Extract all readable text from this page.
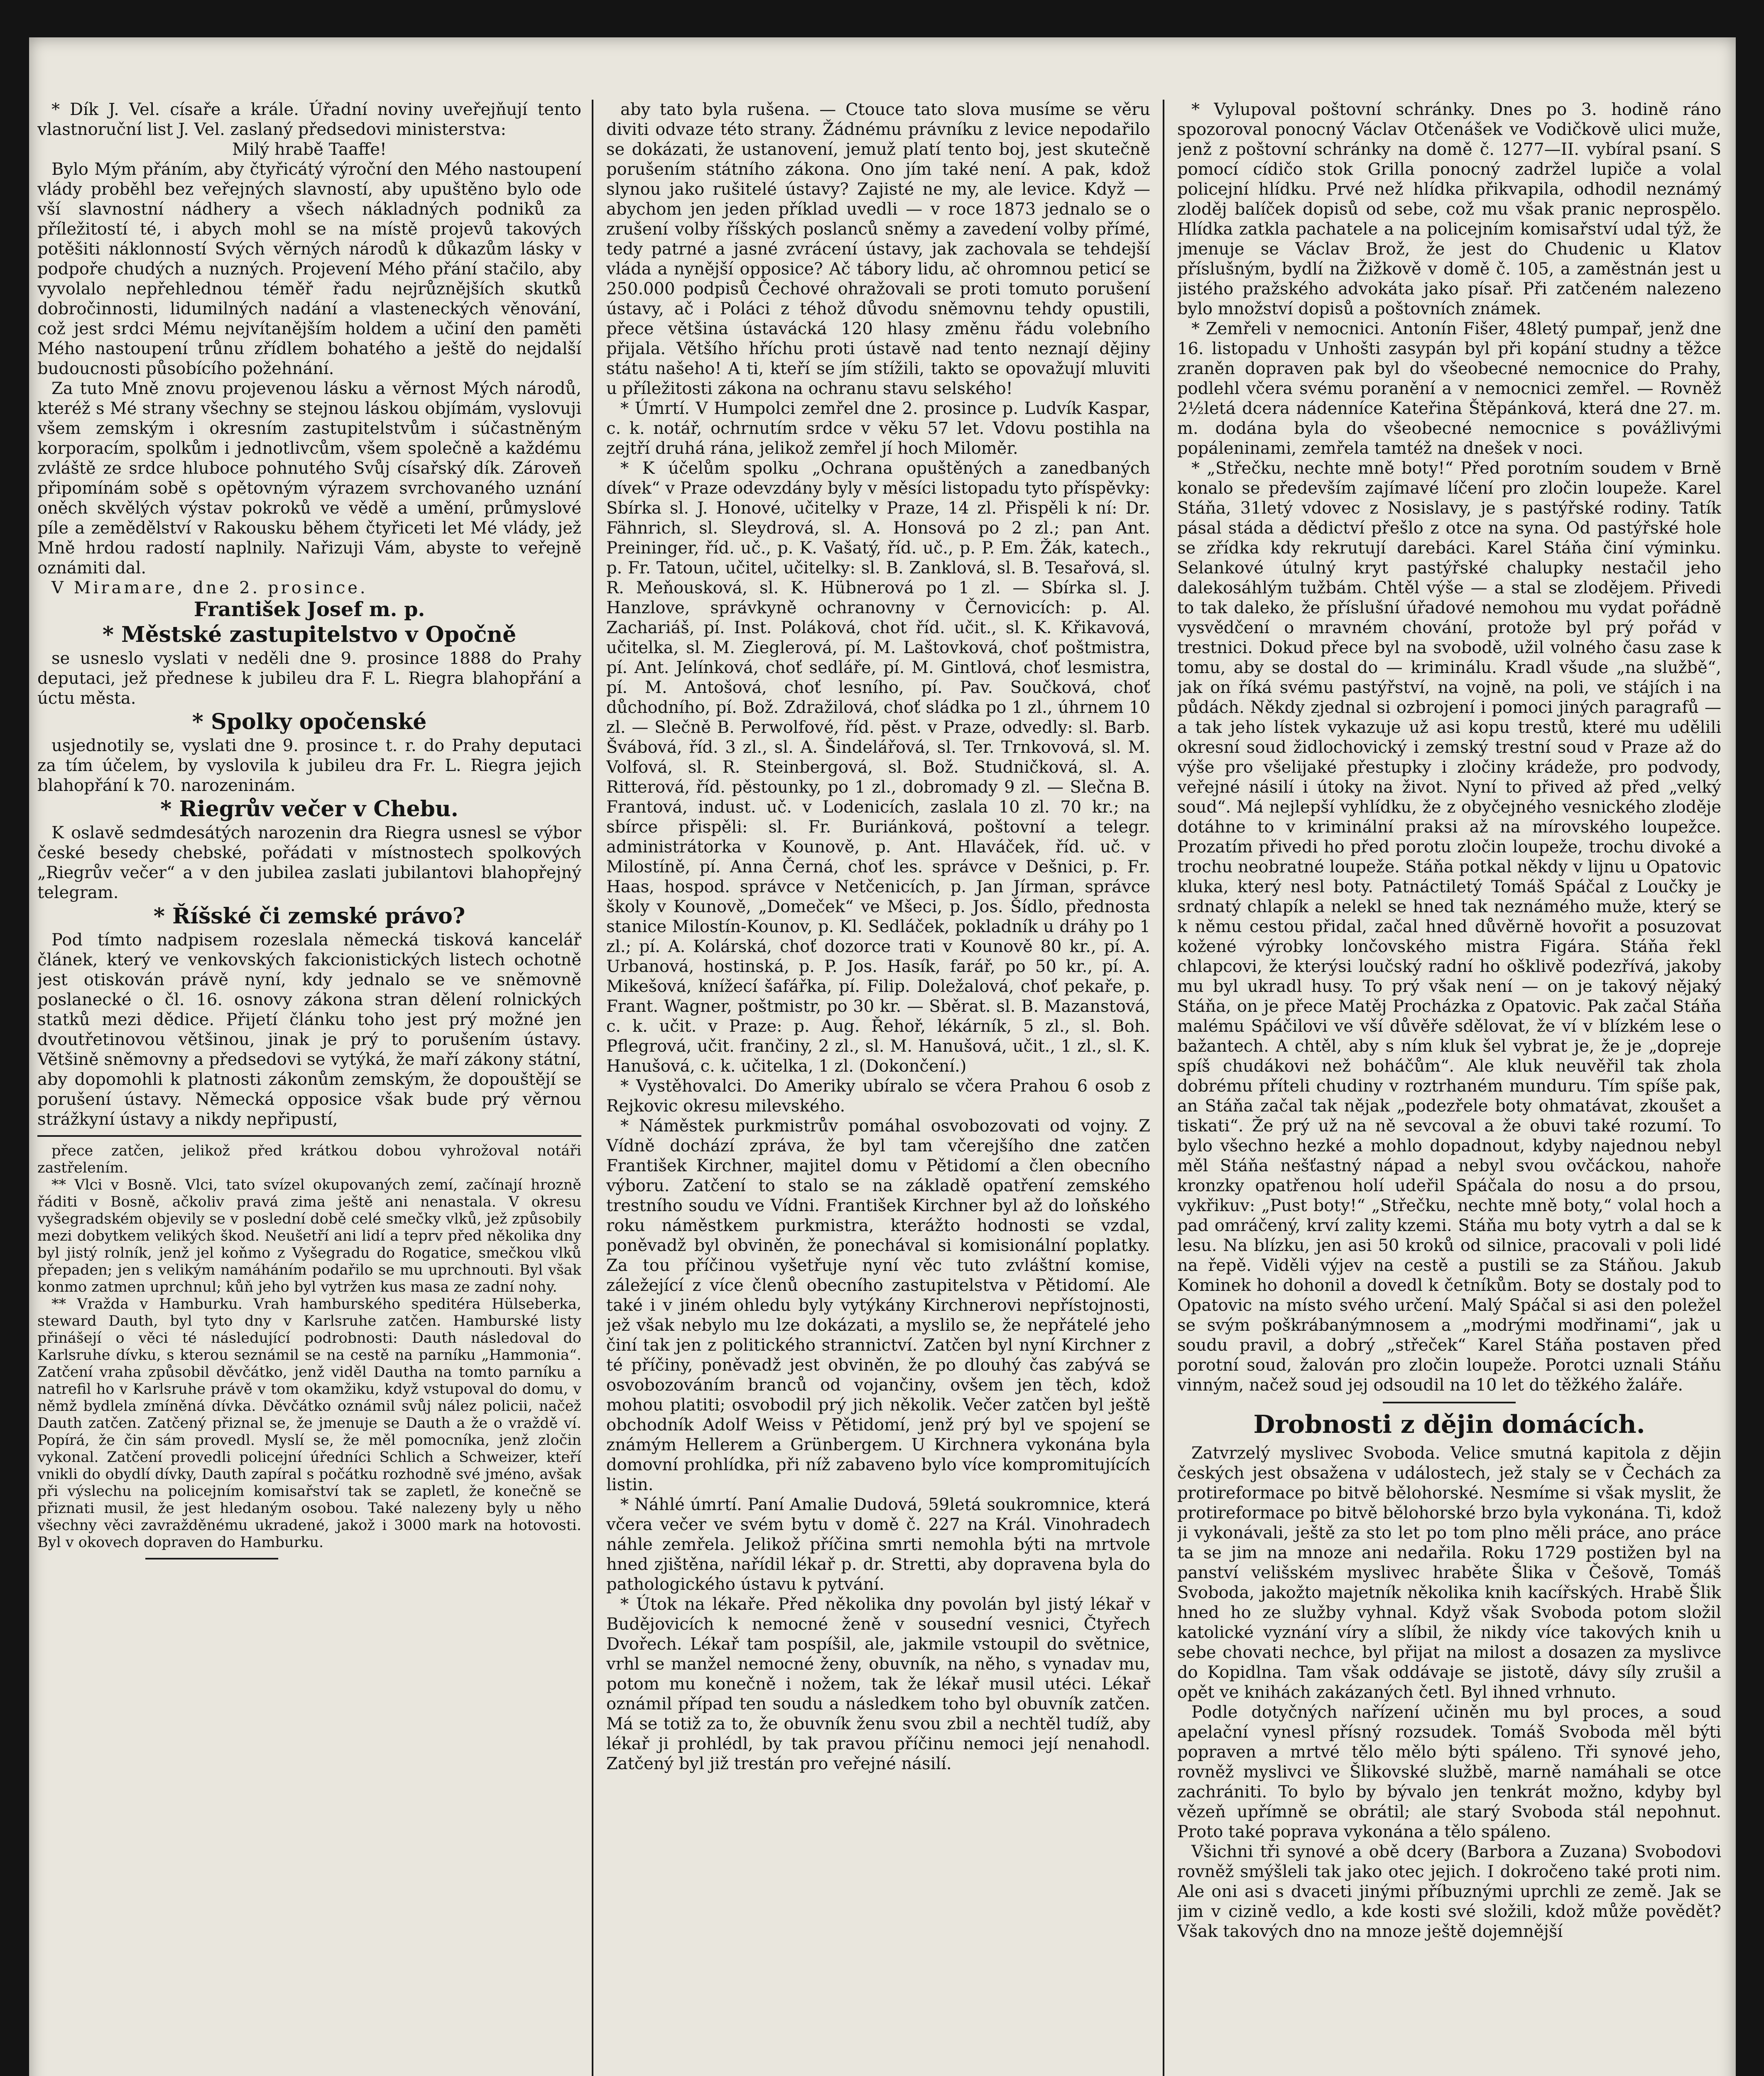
* Dík J. Vel. císaře a krále. Úřadní noviny uveřejňují tento vlastnoruční list J. Vel. zaslaný předsedovi ministerstva:

Milý hrabě Taaffe!

Bylo Mým přáním, aby čtyřicátý výroční den Mého nastoupení vlády proběhl bez veřejných slavností, aby upuštěno bylo ode vší slavnostní nádhery a všech nákladných podniků za příležitostí té, i abych mohl se na místě projevů takových potěšiti náklonností Svých věrných národů k důkazům lásky v podpoře chudých a nuzných. Projevení Mého přání stačilo, aby vyvolalo nepřehlednou téměř řadu nejrůznějších skutků dobročinnosti, lidumilných nadání a vlasteneckých věnování, což jest srdci Mému nejvítanějším holdem a učiní den paměti Mého nastoupení trůnu zřídlem bohatého a ještě do nejdalší budoucnosti působícího požehnání.

Za tuto Mně znovu projevenou lásku a věrnost Mých národů, kteréž s Mé strany všechny se stejnou láskou objímám, vyslovuji všem zemským i okresním zastupitelstvům i súčastněným korporacím, spolkům i jednotlivcům, všem společně a každému zvláště ze srdce hluboce pohnutého Svůj císařský dík. Zároveň připomínám sobě s opětovným výrazem svrchovaného uznání oněch skvělých výstav pokroků ve vědě a umění, průmyslové píle a zemědělství v Rakousku během čtyřiceti let Mé vlády, jež Mně hrdou radostí naplnily. Nařizuji Vám, abyste to veřejně oznámiti dal.

V Miramare, dne 2. prosince.

František Josef m. p.
* Městské zastupitelstvo v Opočně

se usneslo vyslati v neděli dne 9. prosince 1888 do Prahy deputaci, jež přednese k jubileu dra F. L. Riegra blahopřání a úctu města.

* Spolky opočenské

usjednotily se, vyslati dne 9. prosince t. r. do Prahy deputaci za tím účelem, by vyslovila k jubileu dra Fr. L. Riegra jejich blahopřání k 70. narozeninám.

* Riegrův večer v Chebu.

K oslavě sedmdesátých narozenin dra Riegra usnesl se výbor české besedy chebské, pořádati v místnostech spolkových „Riegrův večer“ a v den jubilea zaslati jubilantovi blahopřejný telegram.

* Říšské či zemské právo?

Pod tímto nadpisem rozeslala německá tisková kancelář článek, který ve venkovských fakcionistických listech ochotně jest otiskován právě nyní, kdy jednalo se ve sněmovně poslanecké o čl. 16. osnovy zákona stran dělení rolnických statků mezi dědice. Přijetí článku toho jest prý možné jen dvoutřetinovou většinou, jinak je prý to porušením ústavy. Většině sněmovny a předsedovi se vytýká, že maří zákony státní, aby dopomohli k platnosti zákonům zemským, že dopouštějí se porušení ústavy. Německá opposice však bude prý věrnou strážkyní ústavy a nikdy nepřipustí,

přece zatčen, jelikož před krátkou dobou vyhrožoval notáři zastřelením.

** Vlci v Bosně. Vlci, tato svízel okupovaných zemí, začínají hrozně řáditi v Bosně, ačkoliv pravá zima ještě ani nenastala. V okresu vyšegradském objevily se v poslední době celé smečky vlků, jež způsobily mezi dobytkem velikých škod. Neušetří ani lidí a teprv před několika dny byl jistý rolník, jenž jel koňmo z Vyšegradu do Rogatice, smečkou vlků přepaden; jen s velikým namáháním podařilo se mu uprchnouti. Byl však konmo zatmen uprchnul; kůň jeho byl vytržen kus masa ze zadní nohy.

** Vražda v Hamburku. Vrah hamburského speditéra Hülseberka, steward Dauth, byl tyto dny v Karlsruhe zatčen. Hamburské listy přinášejí o věci té následující podrobnosti: Dauth následoval do Karlsruhe dívku, s kterou seznámil se na cestě na parníku „Hammonia“. Zatčení vraha způsobil děvčátko, jenž viděl Dautha na tomto parníku a natrefil ho v Karlsruhe právě v tom okamžiku, když vstupoval do domu, v němž bydlela zmíněná dívka. Děvčátko oznámil svůj nález policii, načež Dauth zatčen. Zatčený přiznal se, že jmenuje se Dauth a že o vraždě ví. Popírá, že čin sám provedl. Myslí se, že měl pomocníka, jenž zločin vykonal. Zatčení provedli policejní úředníci Schlich a Schweizer, kteří vnikli do obydlí dívky, Dauth zapíral s počátku rozhodně své jméno, avšak při výslechu na policejním komisařství tak se zapletl, že konečně se přiznati musil, že jest hledaným osobou. Také nalezeny byly u něho všechny věci zavražděnému ukradené, jakož i 3000 mark na hotovosti. Byl v okovech dopraven do Hamburku.

aby tato byla rušena. — Ctouce tato slova musíme se věru diviti odvaze této strany. Žádnému právníku z levice nepodařilo se dokázati, že ustanovení, jemuž platí tento boj, jest skutečně porušením státního zákona. Ono jím také není. A pak, kdož slynou jako rušitelé ústavy? Zajisté ne my, ale levice. Když — abychom jen jeden příklad uvedli — v roce 1873 jednalo se o zrušení volby říšských poslanců sněmy a zavedení volby přímé, tedy patrné a jasné zvrácení ústavy, jak zachovala se tehdejší vláda a nynější opposice? Ač tábory lidu, ač ohromnou peticí se 250.000 podpisů Čechové ohražovali se proti tomuto porušení ústavy, ač i Poláci z téhož důvodu sněmovnu tehdy opustili, přece většina ústavácká 120 hlasy změnu řádu volebního přijala. Většího hříchu proti ústavě nad tento neznají dějiny státu našeho! A ti, kteří se jím stížili, takto se opovažují mluviti u příležitosti zákona na ochranu stavu selského!

* Úmrtí. V Humpolci zemřel dne 2. prosince p. Ludvík Kaspar, c. k. notář, ochrnutím srdce v věku 57 let. Vdovu postihla na zejtří druhá rána, jelikož zemřel jí hoch Miloměr.

* K účelům spolku „Ochrana opuštěných a zanedbaných dívek“ v Praze odevzdány byly v měsíci listopadu tyto příspěvky: Sbírka sl. J. Honové, učitelky v Praze, 14 zl. Přispěli k ní: Dr. Fähnrich, sl. Sleydrová, sl. A. Honsová po 2 zl.; pan Ant. Preininger, říd. uč., p. K. Vašatý, říd. uč., p. P. Em. Žák, katech., p. Fr. Tatoun, učitel, učitelky: sl. B. Zanklová, sl. B. Tesařová, sl. R. Meňousková, sl. K. Hübnerová po 1 zl. — Sbírka sl. J. Hanzlove, správkyně ochranovny v Černovicích: p. Al. Zachariáš, pí. Inst. Poláková, chot říd. učit., sl. K. Křikavová, učitelka, sl. M. Zieglerová, pí. M. Laštovková, choť poštmistra, pí. Ant. Jelínková, choť sedláře, pí. M. Gintlová, choť lesmistra, pí. M. Antošová, choť lesního, pí. Pav. Součková, choť důchodního, pí. Bož. Zdražilová, choť sládka po 1 zl., úhrnem 10 zl. — Slečně B. Perwolfové, říd. pěst. v Praze, odvedly: sl. Barb. Švábová, říd. 3 zl., sl. A. Šindelářová, sl. Ter. Trnkovová, sl. M. Volfová, sl. R. Steinbergová, sl. Bož. Studničková, sl. A. Ritterová, říd. pěstounky, po 1 zl., dobromady 9 zl. — Slečna B. Frantová, indust. uč. v Lodenicích, zaslala 10 zl. 70 kr.; na sbírce přispěli: sl. Fr. Buriánková, poštovní a telegr. administrátorka v Kounově, p. Ant. Hlaváček, říd. uč. v Milostíně, pí. Anna Černá, choť les. správce v Dešnici, p. Fr. Haas, hospod. správce v Netčenicích, p. Jan Jírman, správce školy v Kounově, „Domeček“ ve Mšeci, p. Jos. Šídlo, přednosta stanice Milostín-Kounov, p. Kl. Sedláček, pokladník u dráhy po 1 zl.; pí. A. Kolárská, choť dozorce trati v Kounově 80 kr., pí. A. Urbanová, hostinská, p. P. Jos. Hasík, farář, po 50 kr., pí. A. Mikešová, knížecí šafářka, pí. Filip. Doležalová, choť pekaře, p. Frant. Wagner, poštmistr, po 30 kr. — Sběrat. sl. B. Mazanstová, c. k. učit. v Praze: p. Aug. Řehoř, lékárník, 5 zl., sl. Boh. Pflegrová, učit. frančiny, 2 zl., sl. M. Hanušová, učit., 1 zl., sl. K. Hanušová, c. k. učitelka, 1 zl. (Dokončení.)

* Vystěhovalci. Do Ameriky ubíralo se včera Prahou 6 osob z Rejkovic okresu milevského.

* Náměstek purkmistrův pomáhal osvobozovati od vojny. Z Vídně dochází zpráva, že byl tam včerejšího dne zatčen František Kirchner, majitel domu v Pětidomí a člen obecního výboru. Zatčení to stalo se na základě opatření zemského trestního soudu ve Vídni. František Kirchner byl až do loňského roku náměstkem purkmistra, kterážto hodnosti se vzdal, poněvadž byl obviněn, že ponechával si komisionální poplatky. Za tou příčinou vyšetřuje nyní věc tuto zvláštní komise, záležející z více členů obecního zastupitelstva v Pětidomí. Ale také i v jiném ohledu byly vytýkány Kirchnerovi nepřístojnosti, jež však nebylo mu lze dokázati, a myslilo se, že nepřátelé jeho činí tak jen z politického strannictví. Zatčen byl nyní Kirchner z té příčiny, poněvadž jest obviněn, že po dlouhý čas zabývá se osvobozováním branců od vojančiny, ovšem jen těch, kdož mohou platiti; osvobodil prý jich několik. Večer zatčen byl ještě obchodník Adolf Weiss v Pětidomí, jenž prý byl ve spojení se známým Hellerem a Grünbergem. U Kirchnera vykonána byla domovní prohlídka, při níž zabaveno bylo více kompromitujících listin.

* Náhlé úmrtí. Paní Amalie Dudová, 59letá soukromnice, která včera večer ve svém bytu v domě č. 227 na Král. Vinohradech náhle zemřela. Jelikož příčina smrti nemohla býti na mrtvole hned zjištěna, nařídil lékař p. dr. Stretti, aby dopravena byla do pathologického ústavu k pytvání.

* Útok na lékaře. Před několika dny povolán byl jistý lékař v Budějovicích k nemocné ženě v sousední vesnici, Čtyřech Dvořech. Lékař tam pospíšil, ale, jakmile vstoupil do světnice, vrhl se manžel nemocné ženy, obuvník, na něho, s vynadav mu, potom mu konečně i nožem, tak že lékař musil utéci. Lékař oznámil případ ten soudu a následkem toho byl obuvník zatčen. Má se totiž za to, že obuvník ženu svou zbil a nechtěl tudíž, aby lékař ji prohlédl, by tak pravou příčinu nemoci její nenahodl. Zatčený byl již trestán pro veřejné násilí.

* Vylupoval poštovní schránky. Dnes po 3. hodině ráno spozoroval ponocný Václav Otčenášek ve Vodičkově ulici muže, jenž z poštovní schránky na domě č. 1277—II. vybíral psaní. S pomocí cídičo stok Grilla ponocný zadržel lupiče a volal policejní hlídku. Prvé než hlídka přikvapila, odhodil neznámý zloděj balíček dopisů od sebe, což mu však pranic neprospělo. Hlídka zatkla pachatele a na policejním komisařství udal týž, že jmenuje se Václav Brož, že jest do Chudenic u Klatov příslušným, bydlí na Žižkově v domě č. 105, a zaměstnán jest u jistého pražského advokáta jako písař. Při zatčeném nalezeno bylo množství dopisů a poštovních známek.

* Zemřeli v nemocnici. Antonín Fišer, 48letý pumpař, jenž dne 16. listopadu v Unhošti zasypán byl při kopání studny a těžce zraněn dopraven pak byl do všeobecné nemocnice do Prahy, podlehl včera svému poranění a v nemocnici zemřel. — Rovněž 2½letá dcera nádenníce Kateřina Štěpánková, která dne 27. m. m. dodána byla do všeobecné nemocnice s povážlivými popáleninami, zemřela tamtéž na dnešek v noci.

* „Střečku, nechte mně boty!“ Před porotním soudem v Brně konalo se především zajímavé líčení pro zločin loupeže. Karel Stáňa, 31letý vdovec z Nosislavy, je s pastýřské rodiny. Tatík pásal stáda a dědictví přešlo z otce na syna. Od pastýřské hole se zřídka kdy rekrutují darebáci. Karel Stáňa činí výminku. Selankové útulný kryt pastýřské chalupky nestačil jeho dalekosáhlým tužbám. Chtěl výše — a stal se zlodějem. Přivedi to tak daleko, že příslušní úřadové nemohou mu vydat pořádně vysvědčení o mravném chování, protože byl prý pořád v trestnici. Dokud přece byl na svobodě, užil volného času zase k tomu, aby se dostal do — kriminálu. Kradl všude „na službě“, jak on říká svému pastýřství, na vojně, na poli, ve stájích i na půdách. Někdy zjednal si ozbrojení i pomoci jiných paragrafů — a tak jeho lístek vykazuje už asi kopu trestů, které mu udělili okresní soud židlochovický i zemský trestní soud v Praze až do výše pro všelijaké přestupky i zločiny krádeže, pro podvody, veřejné násilí i útoky na život. Nyní to přived až před „velký soud“. Má nejlepší vyhlídku, že z obyčejného vesnického zloděje dotáhne to v kriminální praksi až na mírovského loupežce. Prozatím přivedi ho před porotu zločin loupeže, trochu divoké a trochu neobratné loupeže. Stáňa potkal někdy v lijnu u Opatovic kluka, který nesl boty. Patnáctiletý Tomáš Spáčal z Loučky je srdnatý chlapík a nelekl se hned tak neznámého muže, který se k němu cestou přidal, začal hned důvěrně hovořit a posuzovat kožené výrobky lončovského mistra Figára. Stáňa řekl chlapcovi, že kterýsi loučský radní ho ošklivě podezřívá, jakoby mu byl ukradl husy. To prý však není — on je takový nějaký Stáňa, on je přece Matěj Procházka z Opatovic. Pak začal Stáňa malému Spáčilovi ve vší důvěře sdělovat, že ví v blízkém lese o bažantech. A chtěl, aby s ním kluk šel vybrat je, že je „dopreje spíš chudákovi než boháčům“. Ale kluk neuvěřil tak zhola dobrému příteli chudiny v roztrhaném munduru. Tím spíše pak, an Stáňa začal tak nějak „podezřele boty ohmatávat, zkoušet a tiskati“. Že prý už na ně sevcoval a že obuvi také rozumí. To bylo všechno hezké a mohlo dopadnout, kdyby najednou nebyl měl Stáňa nešťastný nápad a nebyl svou ovčáckou, nahoře kronzky opatřenou holí udeřil Spáčala do nosu a do prsou, vykřikuv: „Pust boty!“ „Střečku, nechte mně boty,“ volal hoch a pad omráčený, krví zality kzemi. Stáňa mu boty vytrh a dal se k lesu. Na blízku, jen asi 50 kroků od silnice, pracovali v poli lidé na řepě. Viděli výjev na cestě a pustili se za Stáňou. Jakub Kominek ho dohonil a dovedl k četníkům. Boty se dostaly pod to Opatovic na místo svého určení. Malý Spáčal si asi den poležel se svým poškrábanýmnosem a „modrými modřinami“, jak u soudu pravil, a dobrý „střeček“ Karel Stáňa postaven před porotní soud, žalován pro zločin loupeže. Porotci uznali Stáňu vinným, načež soud jej odsoudil na 10 let do těžkého žaláře.

Drobnosti z dějin domácích.

Zatvrzelý myslivec Svoboda. Velice smutná kapitola z dějin českých jest obsažena v událostech, jež staly se v Čechách za protireformace po bitvě bělohorské. Nesmíme si však myslit, že protireformace po bitvě bělohorské brzo byla vykonána. Ti, kdož ji vykonávali, ještě za sto let po tom plno měli práce, ano práce ta se jim na mnoze ani nedařila. Roku 1729 postižen byl na panství velišském myslivec hraběte Šlika v Češově, Tomáš Svoboda, jakožto majetník několika knih kacířských. Hrabě Šlik hned ho ze služby vyhnal. Když však Svoboda potom složil katolické vyznání víry a slíbil, že nikdy více takových knih u sebe chovati nechce, byl přijat na milost a dosazen za myslivce do Kopidlna. Tam však oddávaje se jistotě, dávy síly zrušil a opět ve knihách zakázaných četl. Byl ihned vrhnuto.

Podle dotyčných nařízení učiněn mu byl proces, a soud apelační vynesl přísný rozsudek. Tomáš Svoboda měl býti popraven a mrtvé tělo mělo býti spáleno. Tři synové jeho, rovněž myslivci ve Šlikovské službě, marně namáhali se otce zachrániti. To bylo by bývalo jen tenkrát možno, kdyby byl vězeň upřímně se obrátil; ale starý Svoboda stál nepohnut. Proto také poprava vykonána a tělo spáleno.

Všichni tři synové a obě dcery (Barbora a Zuzana) Svobodovi rovněž smýšleli tak jako otec jejich. I dokročeno také proti nim. Ale oni asi s dvaceti jinými příbuznými uprchli ze země. Jak se jim v cizině vedlo, a kde kosti své složili, kdož může povědět? Však takových dno na mnoze ještě dojemnější
